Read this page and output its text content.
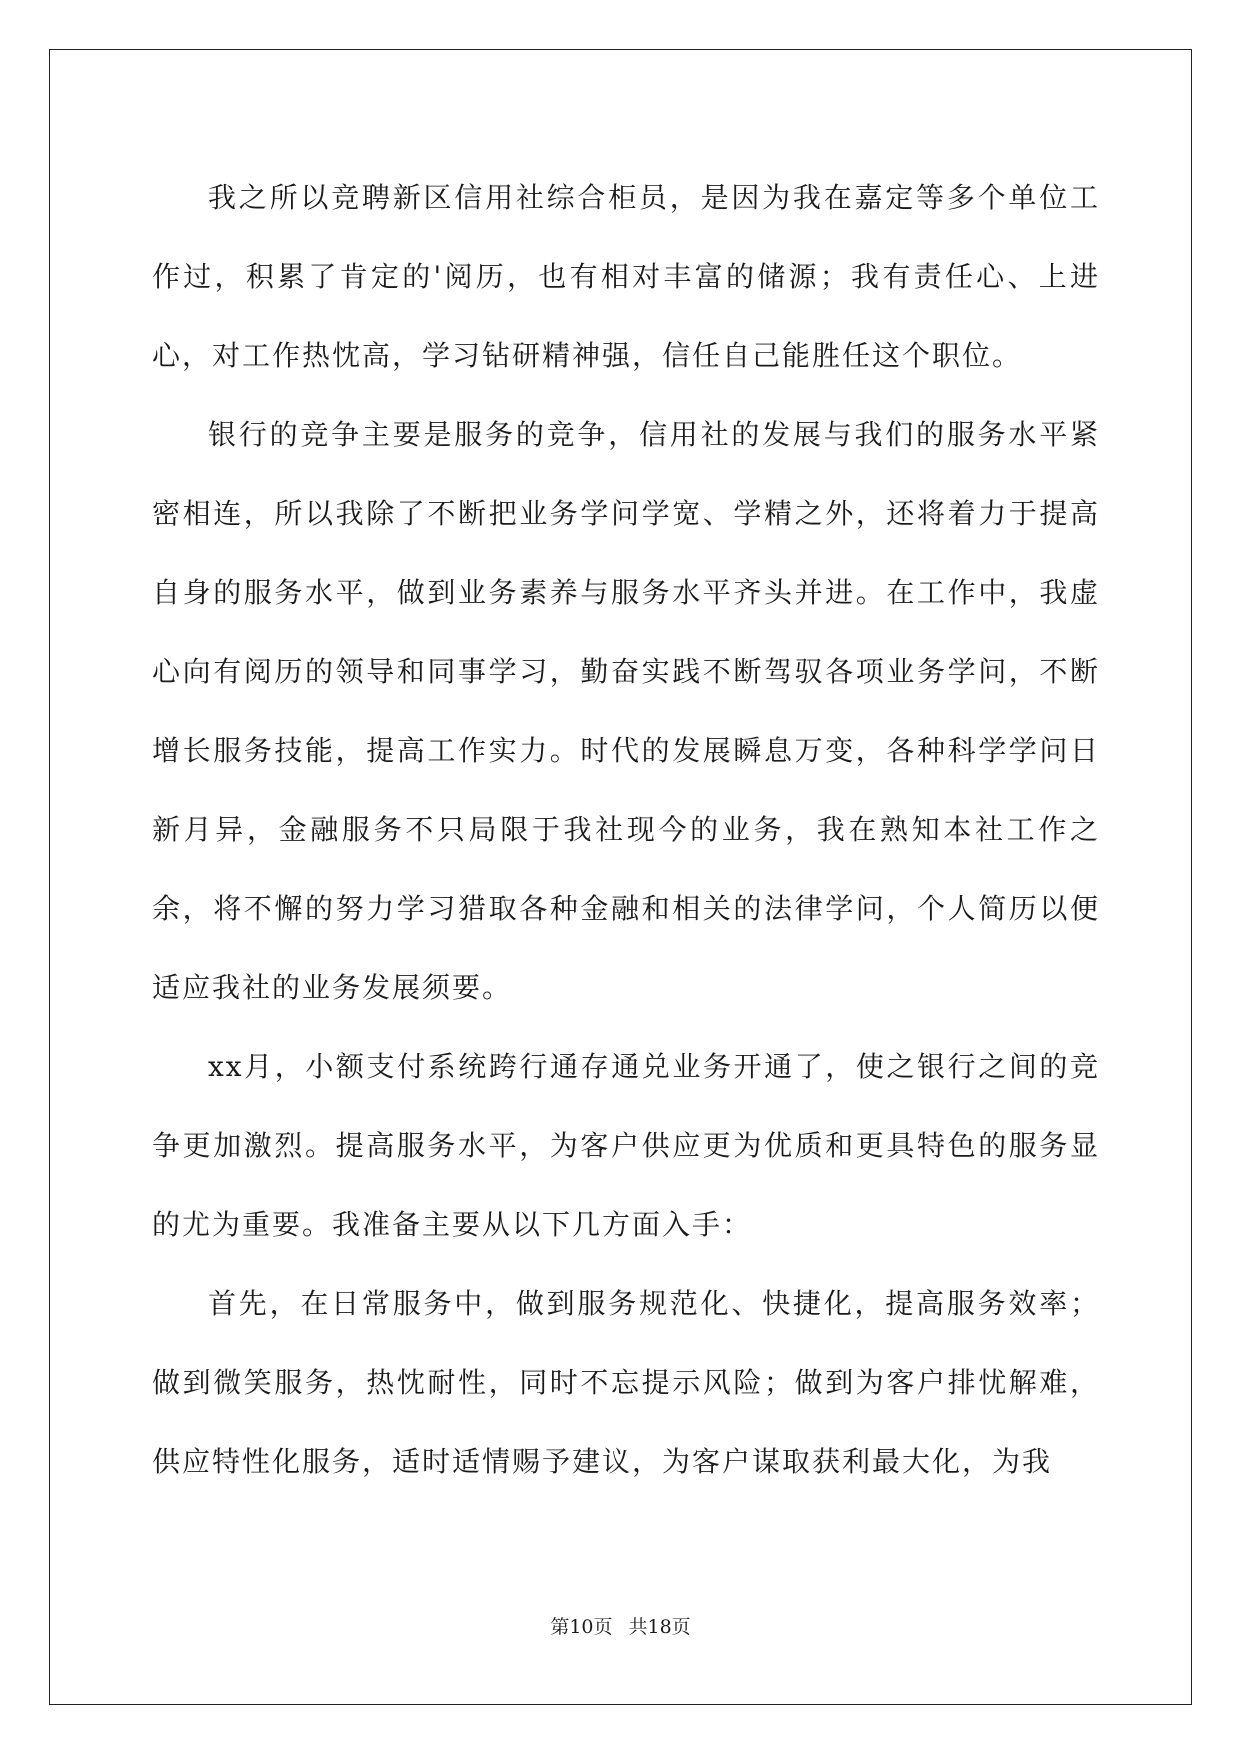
我之所以竞聘新区信用社综合柜员，是因为我在嘉定等多个单位工作过，积累了肯定的'阅历，也有相对丰富的储源；我有责任心、上进心，对工作热忱高，学习钻研精神强，信任自己能胜任这个职位。

银行的竞争主要是服务的竞争，信用社的发展与我们的服务水平紧密相连，所以我除了不断把业务学问学宽、学精之外，还将着力于提高自身的服务水平，做到业务素养与服务水平齐头并进。在工作中，我虚心向有阅历的领导和同事学习，勤奋实践不断驾驭各项业务学问，不断增长服务技能，提高工作实力。时代的发展瞬息万变，各种科学学问日新月异，金融服务不只局限于我社现今的业务，我在熟知本社工作之余，将不懈的努力学习猎取各种金融和相关的法律学问，个人简历以便适应我社的业务发展须要。

xx月，小额支付系统跨行通存通兑业务开通了，使之银行之间的竞争更加激烈。提高服务水平，为客户供应更为优质和更具特色的服务显的尤为重要。我准备主要从以下几方面入手：

首先，在日常服务中，做到服务规范化、快捷化，提高服务效率；做到微笑服务，热忱耐性，同时不忘提示风险；做到为客户排忧解难，供应特性化服务，适时适情赐予建议，为客户谋取获利最大化，为我

第10页 共18页
